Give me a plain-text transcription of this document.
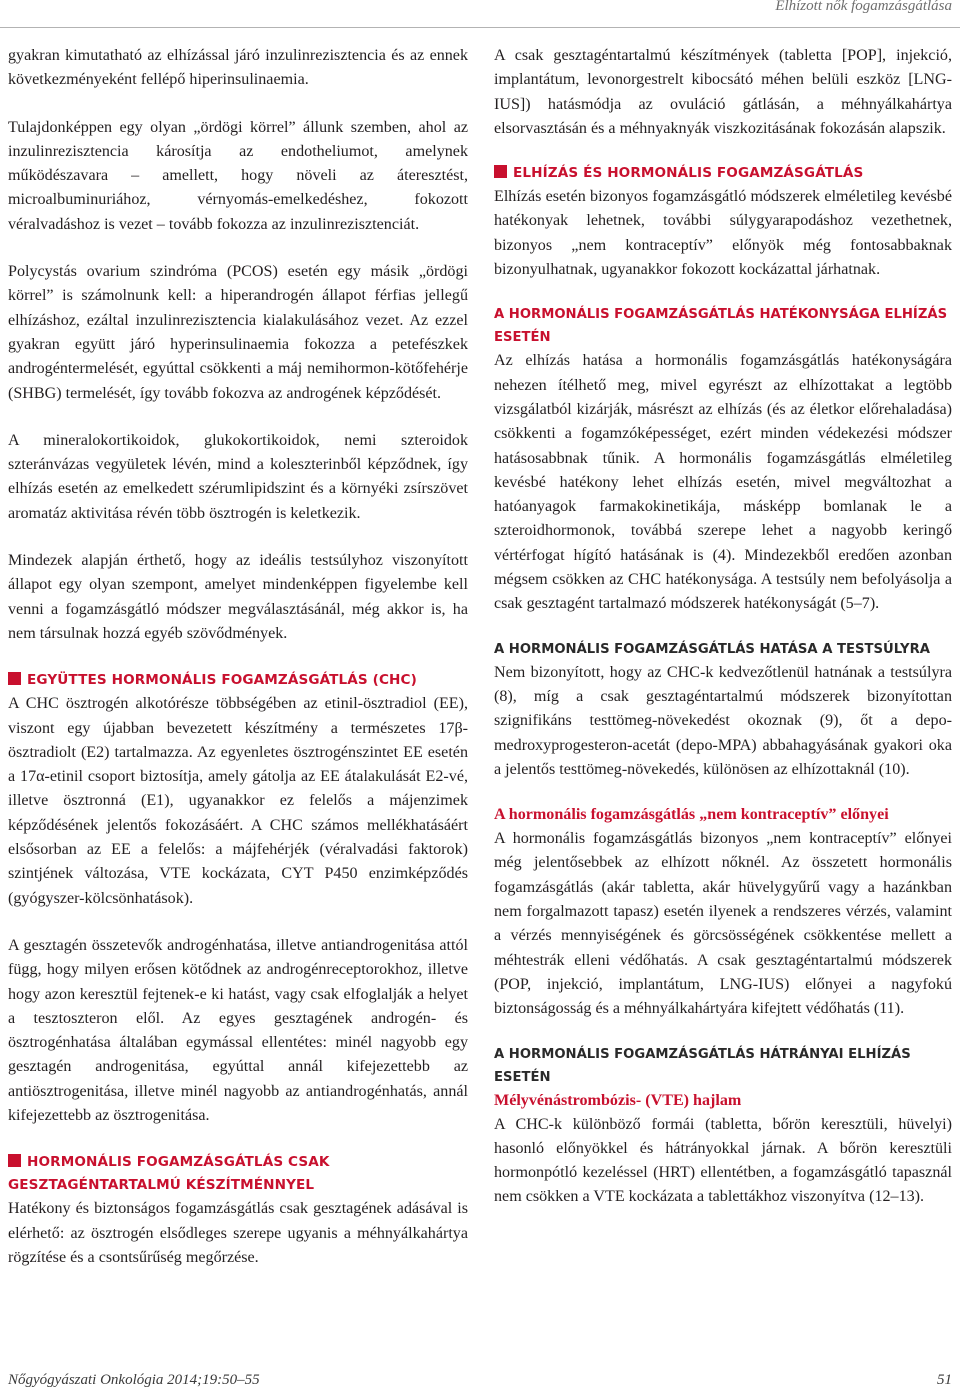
Elhízott nők fogamzásgátlása

gyakran kimutatható az elhízással járó inzulinrezisztencia és az ennek következményeként fellépő hiperinsulinaemia.

Tulajdonképpen egy olyan „ördögi körrel” állunk szemben, ahol az inzulinrezisztencia károsítja az endotheliumot, amelynek működészavara – amellett, hogy növeli az áteresztést, microalbuminuriához, vérnyomás-emelkedéshez, fokozott véralvadáshoz is vezet – tovább fokozza az inzulinrezisztenciát.

Polycystás ovarium szindróma (PCOS) esetén egy másik „ördögi körrel” is számolnunk kell: a hiperandrogén állapot férfias jellegű elhízáshoz, ezáltal inzulinrezisztencia kialakulásához vezet. Az ezzel gyakran együtt járó hyperinsulinaemia fokozza a petefészkek androgéntermelését, egyúttal csökkenti a máj nemihormon-kötőfehérje (SHBG) termelését, így tovább fokozva az androgének képződését.

A mineralokortikoidok, glukokortikoidok, nemi szteroidok szteránvázas vegyületek lévén, mind a koleszterinből képződnek, így elhízás esetén az emelkedett szérumlipidszint és a környéki zsírszövet aromatáz aktivitása révén több ösztrogén is keletkezik.

Mindezek alapján érthető, hogy az ideális testsúlyhoz viszonyított állapot egy olyan szempont, amelyet mindenképpen figyelembe kell venni a fogamzásgátló módszer megválasztásánál, még akkor is, ha nem társulnak hozzá egyéb szövődmények.

EGYÜTTES HORMONÁLIS FOGAMZÁSGÁTLÁS (CHC)

A CHC ösztrogén alkotórésze többségében az etinil-ösztradiol (EE), viszont egy újabban bevezetett készítmény a természetes 17β-ösztradiolt (E2) tartalmazza. Az egyenletes ösztrogénszintet EE esetén a 17α-etinil csoport biztosítja, amely gátolja az EE átalakulását E2-vé, illetve ösztronná (E1), ugyanakkor ez felelős a májenzimek képződésének jelentős fokozásáért. A CHC számos mellékhatásáért elsősorban az EE a felelős: a májfehérjék (véralvadási faktorok) szintjének változása, VTE kockázata, CYT P450 enzimképződés (gyógyszer-kölcsönhatások).

A gesztagén összetevők androgénhatása, illetve antiandrogenitása attól függ, hogy milyen erősen kötődnek az androgénreceptorokhoz, illetve hogy azon keresztül fejtenek-e ki hatást, vagy csak elfoglalják a helyet a tesztoszteron elől. Az egyes gesztagének androgén- és ösztrogénhatása általában egymással ellentétes: minél nagyobb egy gesztagén androgenitása, egyúttal annál kifejezettebb az antiösztrogenitása, illetve minél nagyobb az antiandrogénhatás, annál kifejezettebb az ösztrogenitása.

HORMONÁLIS FOGAMZÁSGÁTLÁS CSAK GESZTAGÉNTARTALMÚ KÉSZÍTMÉNNYEL

Hatékony és biztonságos fogamzásgátlás csak gesztagének adásával is elérhető: az ösztrogén elsődleges szerepe ugyanis a méhnyálkahártya rögzítése és a csontsűrűség megőrzése.

A csak gesztagéntartalmú készítmények (tabletta [POP], injekció, implantátum, levonorgestrelt kibocsátó méhen belüli eszköz [LNG-IUS]) hatásmódja az ovuláció gátlásán, a méhnyálkahártya elsorvasztásán és a méhnyaknyák viszkozitásának fokozásán alapszik.

ELHÍZÁS ÉS HORMONÁLIS FOGAMZÁSGÁTLÁS

Elhízás esetén bizonyos fogamzásgátló módszerek elméletileg kevésbé hatékonyak lehetnek, további súlygyarapodáshoz vezethetnek, bizonyos „nem kontraceptív” előnyök még fontosabbaknak bizonyulhatnak, ugyanakkor fokozott kockázattal járhatnak.

A HORMONÁLIS FOGAMZÁSGÁTLÁS HATÉKONYSÁGA ELHÍZÁS ESETÉN

Az elhízás hatása a hormonális fogamzásgátlás hatékonyságára nehezen ítélhető meg, mivel egyrészt az elhízottakat a legtöbb vizsgálatból kizárják, másrészt az elhízás (és az életkor előrehaladása) csökkenti a fogamzóképességet, ezért minden védekezési módszer hatásosabbnak tűnik. A hormonális fogamzásgátlás elméletileg kevésbé hatékony lehet elhízás esetén, mivel megváltozhat a hatóanyagok farmakokinetikája, másképp bomlanak le a szteroidhormonok, továbbá szerepe lehet a nagyobb keringő vértérfogat hígító hatásának is (4). Mindezekből eredően azonban mégsem csökken az CHC hatékonysága. A testsúly nem befolyásolja a csak gesztagént tartalmazó módszerek hatékonyságát (5–7).

A HORMONÁLIS FOGAMZÁSGÁTLÁS HATÁSA A TESTSÚLYRA

Nem bizonyított, hogy az CHC-k kedvezőtlenül hatnának a testsúlyra (8), míg a csak gesztagéntartalmú módszerek bizonyítottan szignifikáns testtömeg-növekedést okoznak (9), őt a depo-medroxyprogesteron-acetát (depo-MPA) abbahagyásának gyakori oka a jelentős testtömeg-növekedés, különösen az elhízottaknál (10).

A hormonális fogamzásgátlás „nem kontraceptív” előnyei

A hormonális fogamzásgátlás bizonyos „nem kontraceptív” előnyei még jelentősebbek az elhízott nőknél. Az összetett hormonális fogamzásgátlás (akár tabletta, akár hüvelygyűrű vagy a hazánkban nem forgalmazott tapasz) esetén ilyenek a rendszeres vérzés, valamint a vérzés mennyiségének és görcsösségének csökkentése mellett a méhtestrák elleni védőhatás. A csak gesztagéntartalmú módszerek (POP, injekció, implantátum, LNG-IUS) előnyei a nagyfokú biztonságosság és a méhnyálkahártyára kifejtett védőhatás (11).

A HORMONÁLIS FOGAMZÁSGÁTLÁS HÁTRÁNYAI ELHÍZÁS ESETÉN
Mélyvénástrombózis- (VTE) hajlam

A CHC-k különböző formái (tabletta, bőrön keresztüli, hüvelyi) hasonló előnyökkel és hátrányokkal járnak. A bőrön keresztüli hormonpótló kezeléssel (HRT) ellentétben, a fogamzásgátló tapasznál nem csökken a VTE kockázata a tablettákhoz viszonyítva (12–13).

Nőgyógyászati Onkológia 2014;19:50–55	51
